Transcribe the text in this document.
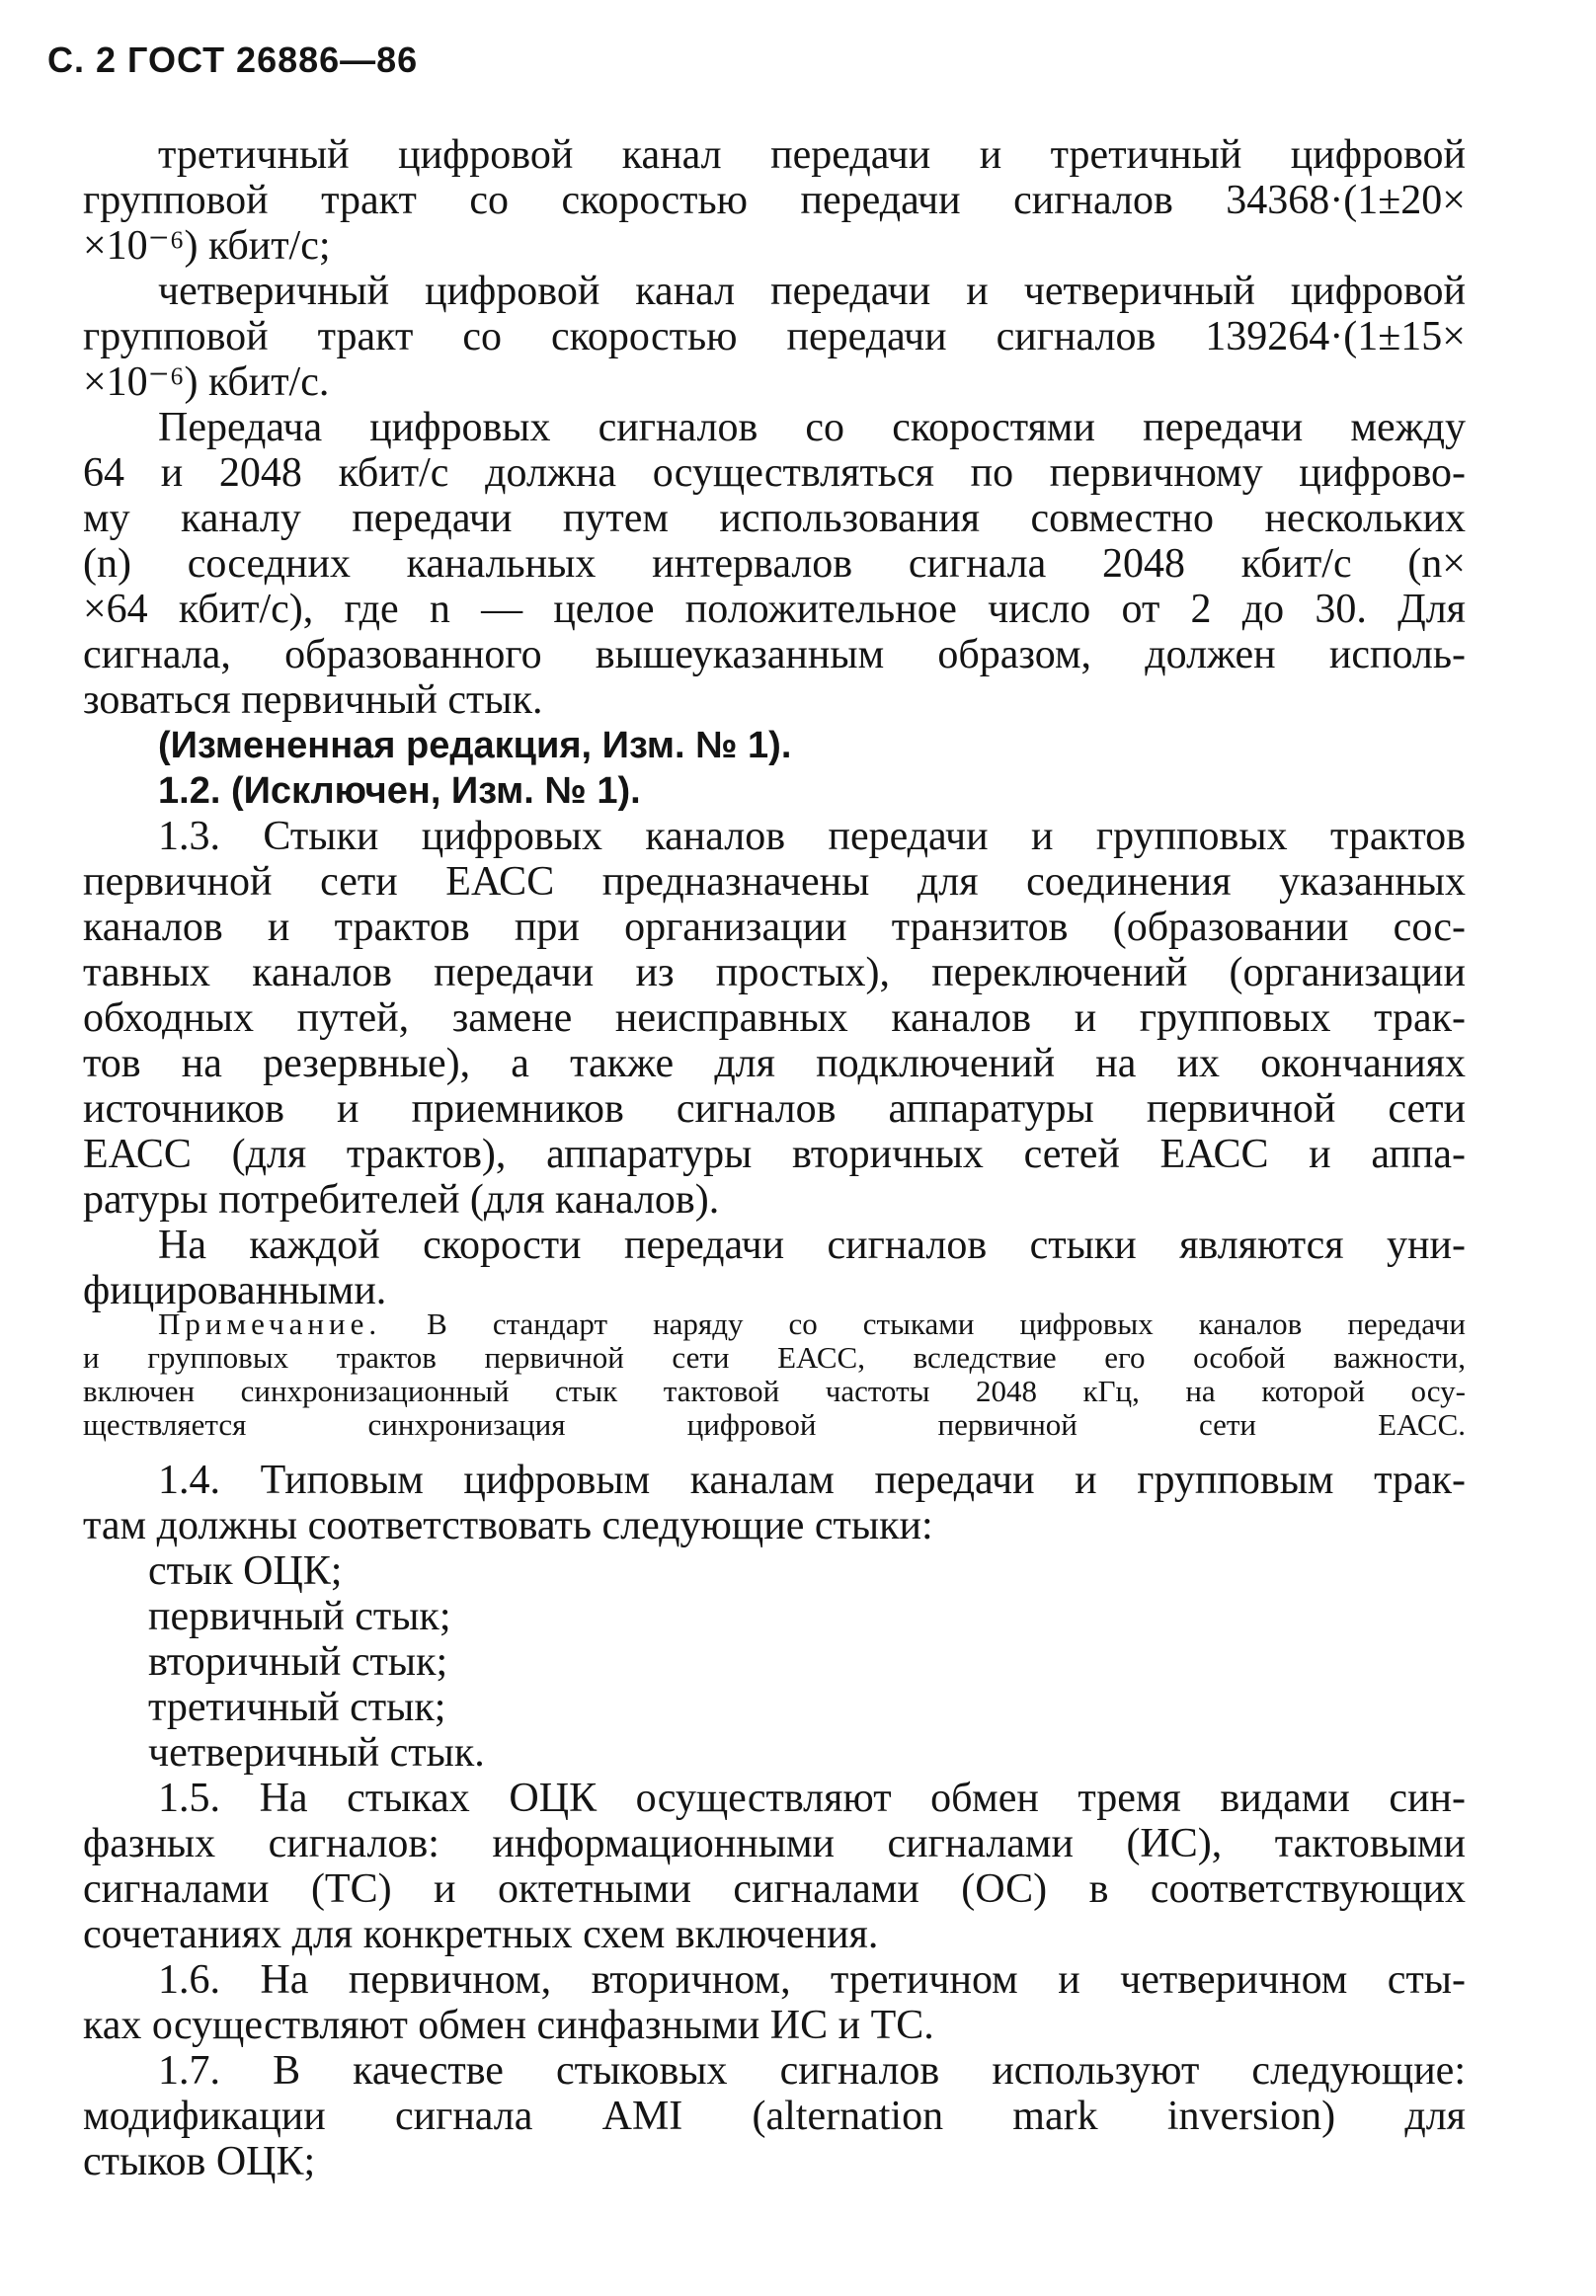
С. 2 ГОСТ 26886—86
третичный цифровой канал передачи и третичный цифровой
групповой тракт со скоростью передачи сигналов 34368·(1±20×
×10⁻⁶) кбит/с;
четверичный цифровой канал передачи и четверичный цифровой
групповой тракт со скоростью передачи сигналов 139264·(1±15×
×10⁻⁶) кбит/с.
Передача цифровых сигналов со скоростями передачи между
64 и 2048 кбит/с должна осуществляться по первичному цифрово-
му каналу передачи путем использования совместно нескольких
(n) соседних канальных интервалов сигнала 2048 кбит/с (n×
×64 кбит/с), где n — целое положительное число от 2 до 30. Для
сигнала, образованного вышеуказанным образом, должен исполь-
зоваться первичный стык.
(Измененная редакция, Изм. № 1).
1.2. (Исключен, Изм. № 1).
1.3. Стыки цифровых каналов передачи и групповых трактов
первичной сети ЕАСС предназначены для соединения указанных
каналов и трактов при организации транзитов (образовании сос-
тавных каналов передачи из простых), переключений (организации
обходных путей, замене неисправных каналов и групповых трак-
тов на резервные), а также для подключений на их окончаниях
источников и приемников сигналов аппаратуры первичной сети
ЕАСС (для трактов), аппаратуры вторичных сетей ЕАСС и аппа-
ратуры потребителей (для каналов).
На каждой скорости передачи сигналов стыки являются уни-
фицированными.
Примечание. В стандарт наряду со стыками цифровых каналов передачи
и групповых трактов первичной сети ЕАСС, вследствие его особой важности,
включен синхронизационный стык тактовой частоты 2048 кГц, на которой осу-
ществляется синхронизация цифровой первичной сети ЕАСС.
1.4. Типовым цифровым каналам передачи и групповым трак-
там должны соответствовать следующие стыки:
стык ОЦК;
первичный стык;
вторичный стык;
третичный стык;
четверичный стык.
1.5. На стыках ОЦК осуществляют обмен тремя видами син-
фазных сигналов: информационными сигналами (ИС), тактовыми
сигналами (ТС) и октетными сигналами (ОС) в соответствующих
сочетаниях для конкретных схем включения.
1.6. На первичном, вторичном, третичном и четверичном сты-
ках осуществляют обмен синфазными ИС и ТС.
1.7. В качестве стыковых сигналов используют следующие:
модификации сигнала AMI (alternation mark inversion) для
стыков ОЦК;
